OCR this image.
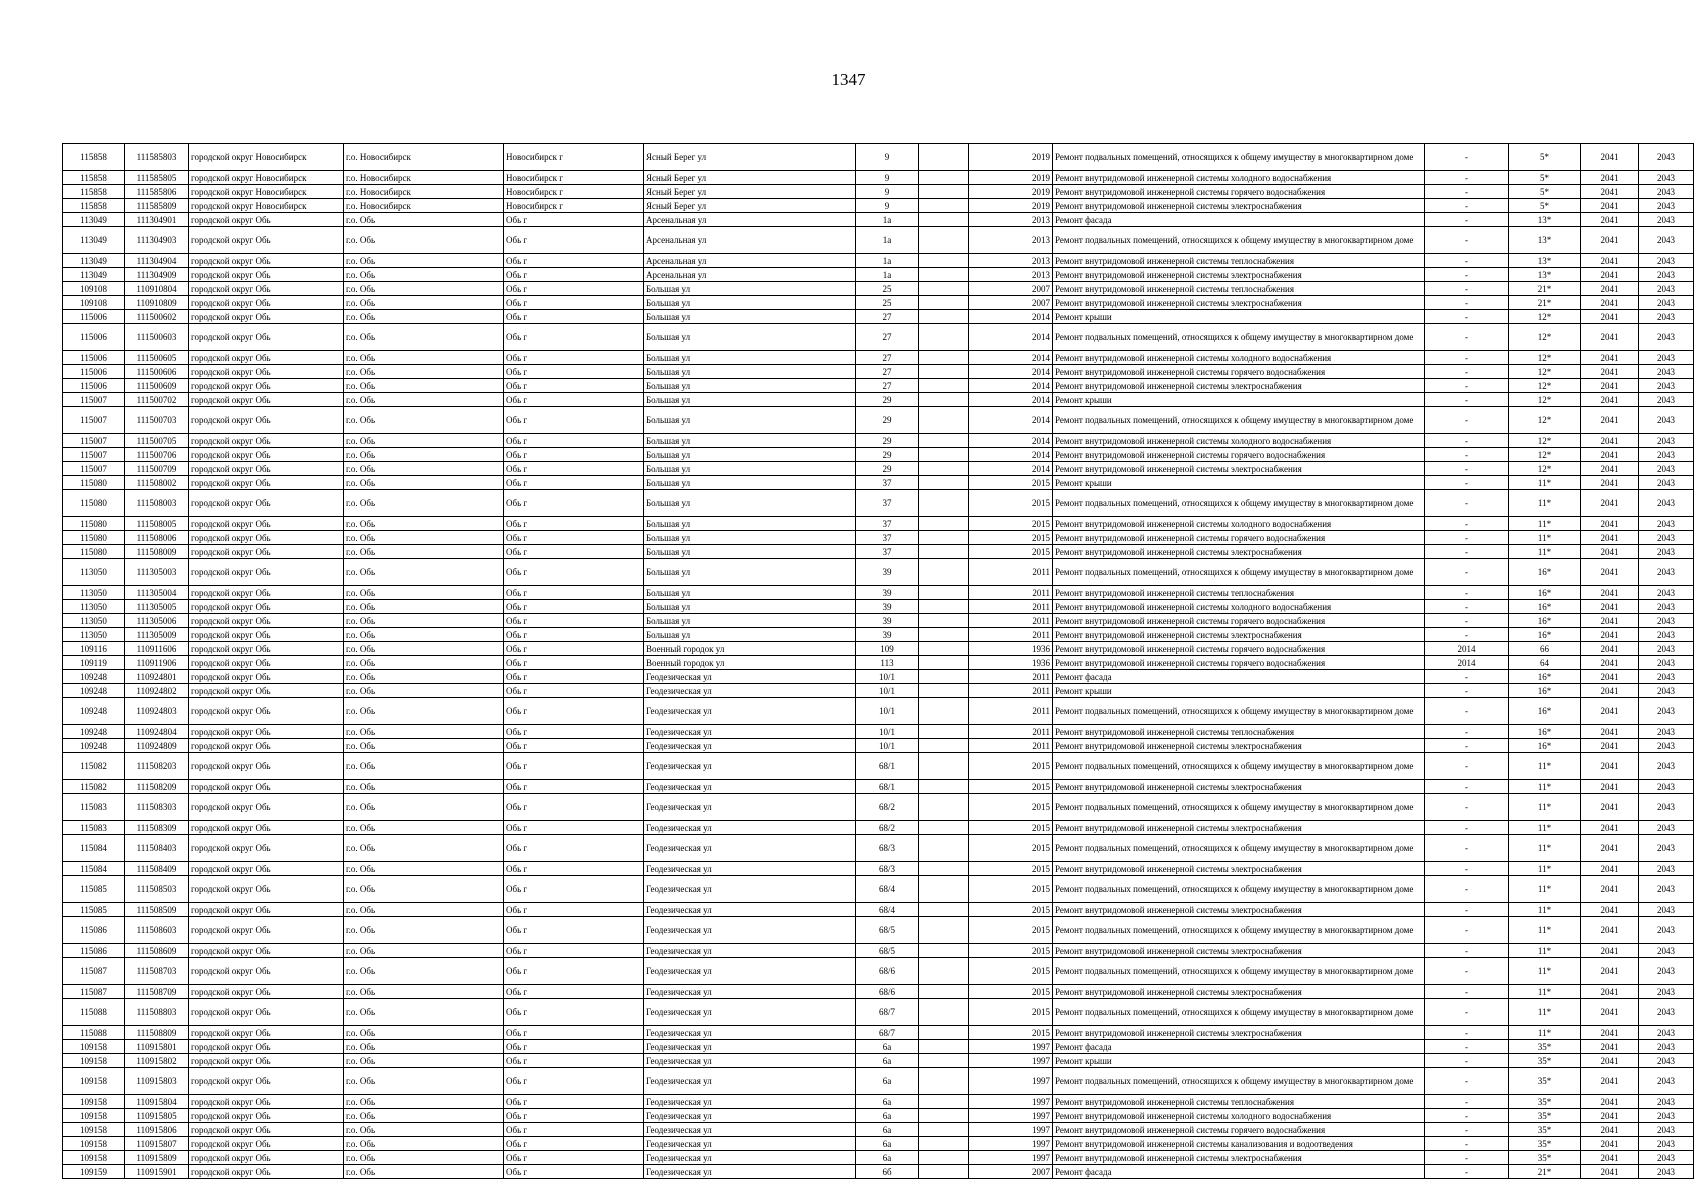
1347
115858	111585803	городской округ Новосибирск	г.о. Новосибирск	Новосибирск г	Ясный Берег ул	9		2019	Ремонт подвальных помещений, относящихся к общему имуществу в многоквартирном доме	-	5*	2041	2043
115858	111585805	городской округ Новосибирск	г.о. Новосибирск	Новосибирск г	Ясный Берег ул	9		2019	Ремонт внутридомовой инженерной системы холодного водоснабжения	-	5*	2041	2043
115858	111585806	городской округ Новосибирск	г.о. Новосибирск	Новосибирск г	Ясный Берег ул	9		2019	Ремонт внутридомовой инженерной системы горячего водоснабжения	-	5*	2041	2043
115858	111585809	городской округ Новосибирск	г.о. Новосибирск	Новосибирск г	Ясный Берег ул	9		2019	Ремонт внутридомовой инженерной системы электроснабжения	-	5*	2041	2043
113049	111304901	городской округ Обь	г.о. Обь	Обь г	Арсенальная ул	1а		2013	Ремонт фасада	-	13*	2041	2043
113049	111304903	городской округ Обь	г.о. Обь	Обь г	Арсенальная ул	1а		2013	Ремонт подвальных помещений, относящихся к общему имуществу в многоквартирном доме	-	13*	2041	2043
113049	111304904	городской округ Обь	г.о. Обь	Обь г	Арсенальная ул	1а		2013	Ремонт внутридомовой инженерной системы теплоснабжения	-	13*	2041	2043
113049	111304909	городской округ Обь	г.о. Обь	Обь г	Арсенальная ул	1а		2013	Ремонт внутридомовой инженерной системы электроснабжения	-	13*	2041	2043
109108	110910804	городской округ Обь	г.о. Обь	Обь г	Большая ул	25		2007	Ремонт внутридомовой инженерной системы теплоснабжения	-	21*	2041	2043
109108	110910809	городской округ Обь	г.о. Обь	Обь г	Большая ул	25		2007	Ремонт внутридомовой инженерной системы электроснабжения	-	21*	2041	2043
115006	111500602	городской округ Обь	г.о. Обь	Обь г	Большая ул	27		2014	Ремонт крыши	-	12*	2041	2043
115006	111500603	городской округ Обь	г.о. Обь	Обь г	Большая ул	27		2014	Ремонт подвальных помещений, относящихся к общему имуществу в многоквартирном доме	-	12*	2041	2043
115006	111500605	городской округ Обь	г.о. Обь	Обь г	Большая ул	27		2014	Ремонт внутридомовой инженерной системы холодного водоснабжения	-	12*	2041	2043
115006	111500606	городской округ Обь	г.о. Обь	Обь г	Большая ул	27		2014	Ремонт внутридомовой инженерной системы горячего водоснабжения	-	12*	2041	2043
115006	111500609	городской округ Обь	г.о. Обь	Обь г	Большая ул	27		2014	Ремонт внутридомовой инженерной системы электроснабжения	-	12*	2041	2043
115007	111500702	городской округ Обь	г.о. Обь	Обь г	Большая ул	29		2014	Ремонт крыши	-	12*	2041	2043
115007	111500703	городской округ Обь	г.о. Обь	Обь г	Большая ул	29		2014	Ремонт подвальных помещений, относящихся к общему имуществу в многоквартирном доме	-	12*	2041	2043
115007	111500705	городской округ Обь	г.о. Обь	Обь г	Большая ул	29		2014	Ремонт внутридомовой инженерной системы холодного водоснабжения	-	12*	2041	2043
115007	111500706	городской округ Обь	г.о. Обь	Обь г	Большая ул	29		2014	Ремонт внутридомовой инженерной системы горячего водоснабжения	-	12*	2041	2043
115007	111500709	городской округ Обь	г.о. Обь	Обь г	Большая ул	29		2014	Ремонт внутридомовой инженерной системы электроснабжения	-	12*	2041	2043
115080	111508002	городской округ Обь	г.о. Обь	Обь г	Большая ул	37		2015	Ремонт крыши	-	11*	2041	2043
115080	111508003	городской округ Обь	г.о. Обь	Обь г	Большая ул	37		2015	Ремонт подвальных помещений, относящихся к общему имуществу в многоквартирном доме	-	11*	2041	2043
115080	111508005	городской округ Обь	г.о. Обь	Обь г	Большая ул	37		2015	Ремонт внутридомовой инженерной системы холодного водоснабжения	-	11*	2041	2043
115080	111508006	городской округ Обь	г.о. Обь	Обь г	Большая ул	37		2015	Ремонт внутридомовой инженерной системы горячего водоснабжения	-	11*	2041	2043
115080	111508009	городской округ Обь	г.о. Обь	Обь г	Большая ул	37		2015	Ремонт внутридомовой инженерной системы электроснабжения	-	11*	2041	2043
113050	111305003	городской округ Обь	г.о. Обь	Обь г	Большая ул	39		2011	Ремонт подвальных помещений, относящихся к общему имуществу в многоквартирном доме	-	16*	2041	2043
113050	111305004	городской округ Обь	г.о. Обь	Обь г	Большая ул	39		2011	Ремонт внутридомовой инженерной системы теплоснабжения	-	16*	2041	2043
113050	111305005	городской округ Обь	г.о. Обь	Обь г	Большая ул	39		2011	Ремонт внутридомовой инженерной системы холодного водоснабжения	-	16*	2041	2043
113050	111305006	городской округ Обь	г.о. Обь	Обь г	Большая ул	39		2011	Ремонт внутридомовой инженерной системы горячего водоснабжения	-	16*	2041	2043
113050	111305009	городской округ Обь	г.о. Обь	Обь г	Большая ул	39		2011	Ремонт внутридомовой инженерной системы электроснабжения	-	16*	2041	2043
109116	110911606	городской округ Обь	г.о. Обь	Обь г	Военный городок ул	109		1936	Ремонт внутридомовой инженерной системы горячего водоснабжения	2014	66	2041	2043
109119	110911906	городской округ Обь	г.о. Обь	Обь г	Военный городок ул	113		1936	Ремонт внутридомовой инженерной системы горячего водоснабжения	2014	64	2041	2043
109248	110924801	городской округ Обь	г.о. Обь	Обь г	Геодезическая ул	10/1		2011	Ремонт фасада	-	16*	2041	2043
109248	110924802	городской округ Обь	г.о. Обь	Обь г	Геодезическая ул	10/1		2011	Ремонт крыши	-	16*	2041	2043
109248	110924803	городской округ Обь	г.о. Обь	Обь г	Геодезическая ул	10/1		2011	Ремонт подвальных помещений, относящихся к общему имуществу в многоквартирном доме	-	16*	2041	2043
109248	110924804	городской округ Обь	г.о. Обь	Обь г	Геодезическая ул	10/1		2011	Ремонт внутридомовой инженерной системы теплоснабжения	-	16*	2041	2043
109248	110924809	городской округ Обь	г.о. Обь	Обь г	Геодезическая ул	10/1		2011	Ремонт внутридомовой инженерной системы электроснабжения	-	16*	2041	2043
115082	111508203	городской округ Обь	г.о. Обь	Обь г	Геодезическая ул	68/1		2015	Ремонт подвальных помещений, относящихся к общему имуществу в многоквартирном доме	-	11*	2041	2043
115082	111508209	городской округ Обь	г.о. Обь	Обь г	Геодезическая ул	68/1		2015	Ремонт внутридомовой инженерной системы электроснабжения	-	11*	2041	2043
115083	111508303	городской округ Обь	г.о. Обь	Обь г	Геодезическая ул	68/2		2015	Ремонт подвальных помещений, относящихся к общему имуществу в многоквартирном доме	-	11*	2041	2043
115083	111508309	городской округ Обь	г.о. Обь	Обь г	Геодезическая ул	68/2		2015	Ремонт внутридомовой инженерной системы электроснабжения	-	11*	2041	2043
115084	111508403	городской округ Обь	г.о. Обь	Обь г	Геодезическая ул	68/3		2015	Ремонт подвальных помещений, относящихся к общему имуществу в многоквартирном доме	-	11*	2041	2043
115084	111508409	городской округ Обь	г.о. Обь	Обь г	Геодезическая ул	68/3		2015	Ремонт внутридомовой инженерной системы электроснабжения	-	11*	2041	2043
115085	111508503	городской округ Обь	г.о. Обь	Обь г	Геодезическая ул	68/4		2015	Ремонт подвальных помещений, относящихся к общему имуществу в многоквартирном доме	-	11*	2041	2043
115085	111508509	городской округ Обь	г.о. Обь	Обь г	Геодезическая ул	68/4		2015	Ремонт внутридомовой инженерной системы электроснабжения	-	11*	2041	2043
115086	111508603	городской округ Обь	г.о. Обь	Обь г	Геодезическая ул	68/5		2015	Ремонт подвальных помещений, относящихся к общему имуществу в многоквартирном доме	-	11*	2041	2043
115086	111508609	городской округ Обь	г.о. Обь	Обь г	Геодезическая ул	68/5		2015	Ремонт внутридомовой инженерной системы электроснабжения	-	11*	2041	2043
115087	111508703	городской округ Обь	г.о. Обь	Обь г	Геодезическая ул	68/6		2015	Ремонт подвальных помещений, относящихся к общему имуществу в многоквартирном доме	-	11*	2041	2043
115087	111508709	городской округ Обь	г.о. Обь	Обь г	Геодезическая ул	68/6		2015	Ремонт внутридомовой инженерной системы электроснабжения	-	11*	2041	2043
115088	111508803	городской округ Обь	г.о. Обь	Обь г	Геодезическая ул	68/7		2015	Ремонт подвальных помещений, относящихся к общему имуществу в многоквартирном доме	-	11*	2041	2043
115088	111508809	городской округ Обь	г.о. Обь	Обь г	Геодезическая ул	68/7		2015	Ремонт внутридомовой инженерной системы электроснабжения	-	11*	2041	2043
109158	110915801	городской округ Обь	г.о. Обь	Обь г	Геодезическая ул	6а		1997	Ремонт фасада	-	35*	2041	2043
109158	110915802	городской округ Обь	г.о. Обь	Обь г	Геодезическая ул	6а		1997	Ремонт крыши	-	35*	2041	2043
109158	110915803	городской округ Обь	г.о. Обь	Обь г	Геодезическая ул	6а		1997	Ремонт подвальных помещений, относящихся к общему имуществу в многоквартирном доме	-	35*	2041	2043
109158	110915804	городской округ Обь	г.о. Обь	Обь г	Геодезическая ул	6а		1997	Ремонт внутридомовой инженерной системы теплоснабжения	-	35*	2041	2043
109158	110915805	городской округ Обь	г.о. Обь	Обь г	Геодезическая ул	6а		1997	Ремонт внутридомовой инженерной системы холодного водоснабжения	-	35*	2041	2043
109158	110915806	городской округ Обь	г.о. Обь	Обь г	Геодезическая ул	6а		1997	Ремонт внутридомовой инженерной системы горячего водоснабжения	-	35*	2041	2043
109158	110915807	городской округ Обь	г.о. Обь	Обь г	Геодезическая ул	6а		1997	Ремонт внутридомовой инженерной системы канализования и водоотведения	-	35*	2041	2043
109158	110915809	городской округ Обь	г.о. Обь	Обь г	Геодезическая ул	6а		1997	Ремонт внутридомовой инженерной системы электроснабжения	-	35*	2041	2043
109159	110915901	городской округ Обь	г.о. Обь	Обь г	Геодезическая ул	6б		2007	Ремонт фасада	-	21*	2041	2043
